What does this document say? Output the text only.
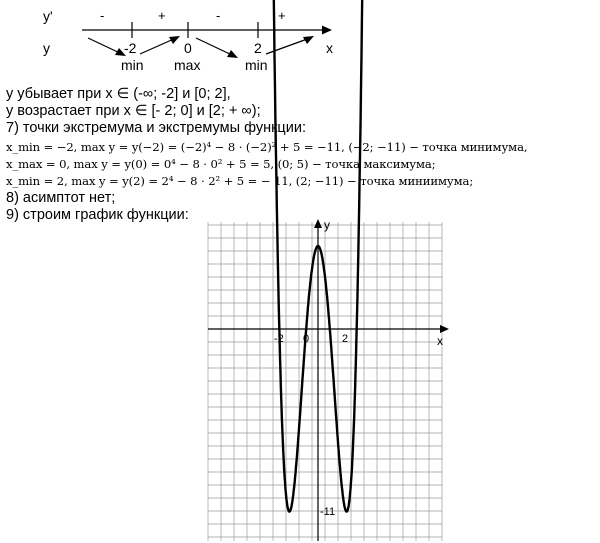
y'
y
-	+	-	+
-2	0	2
min max	min
x
y убывает при x ∈ (-∞; -2] и [0; 2],
y возрастает при x ∈ [- 2; 0] и [2; + ∞);
7) точки экстремума и экстремумы функции:
x_min = −2, max y = y(−2) = (−2)⁴ − 8 · (−2)² + 5 = −11, (−2; −11) − точка минимума,
x_max = 0, max y = y(0) = 0⁴ − 8 · 0² + 5 = 5, (0; 5) − точка максимума;
x_min = 2, max y = y(2) = 2⁴ − 8 · 2² + 5 = − 11, (2; −11) − точка миниимума;
8) асимптот нет;
9) строим график функции:
y
x
-2 0	2
-11
